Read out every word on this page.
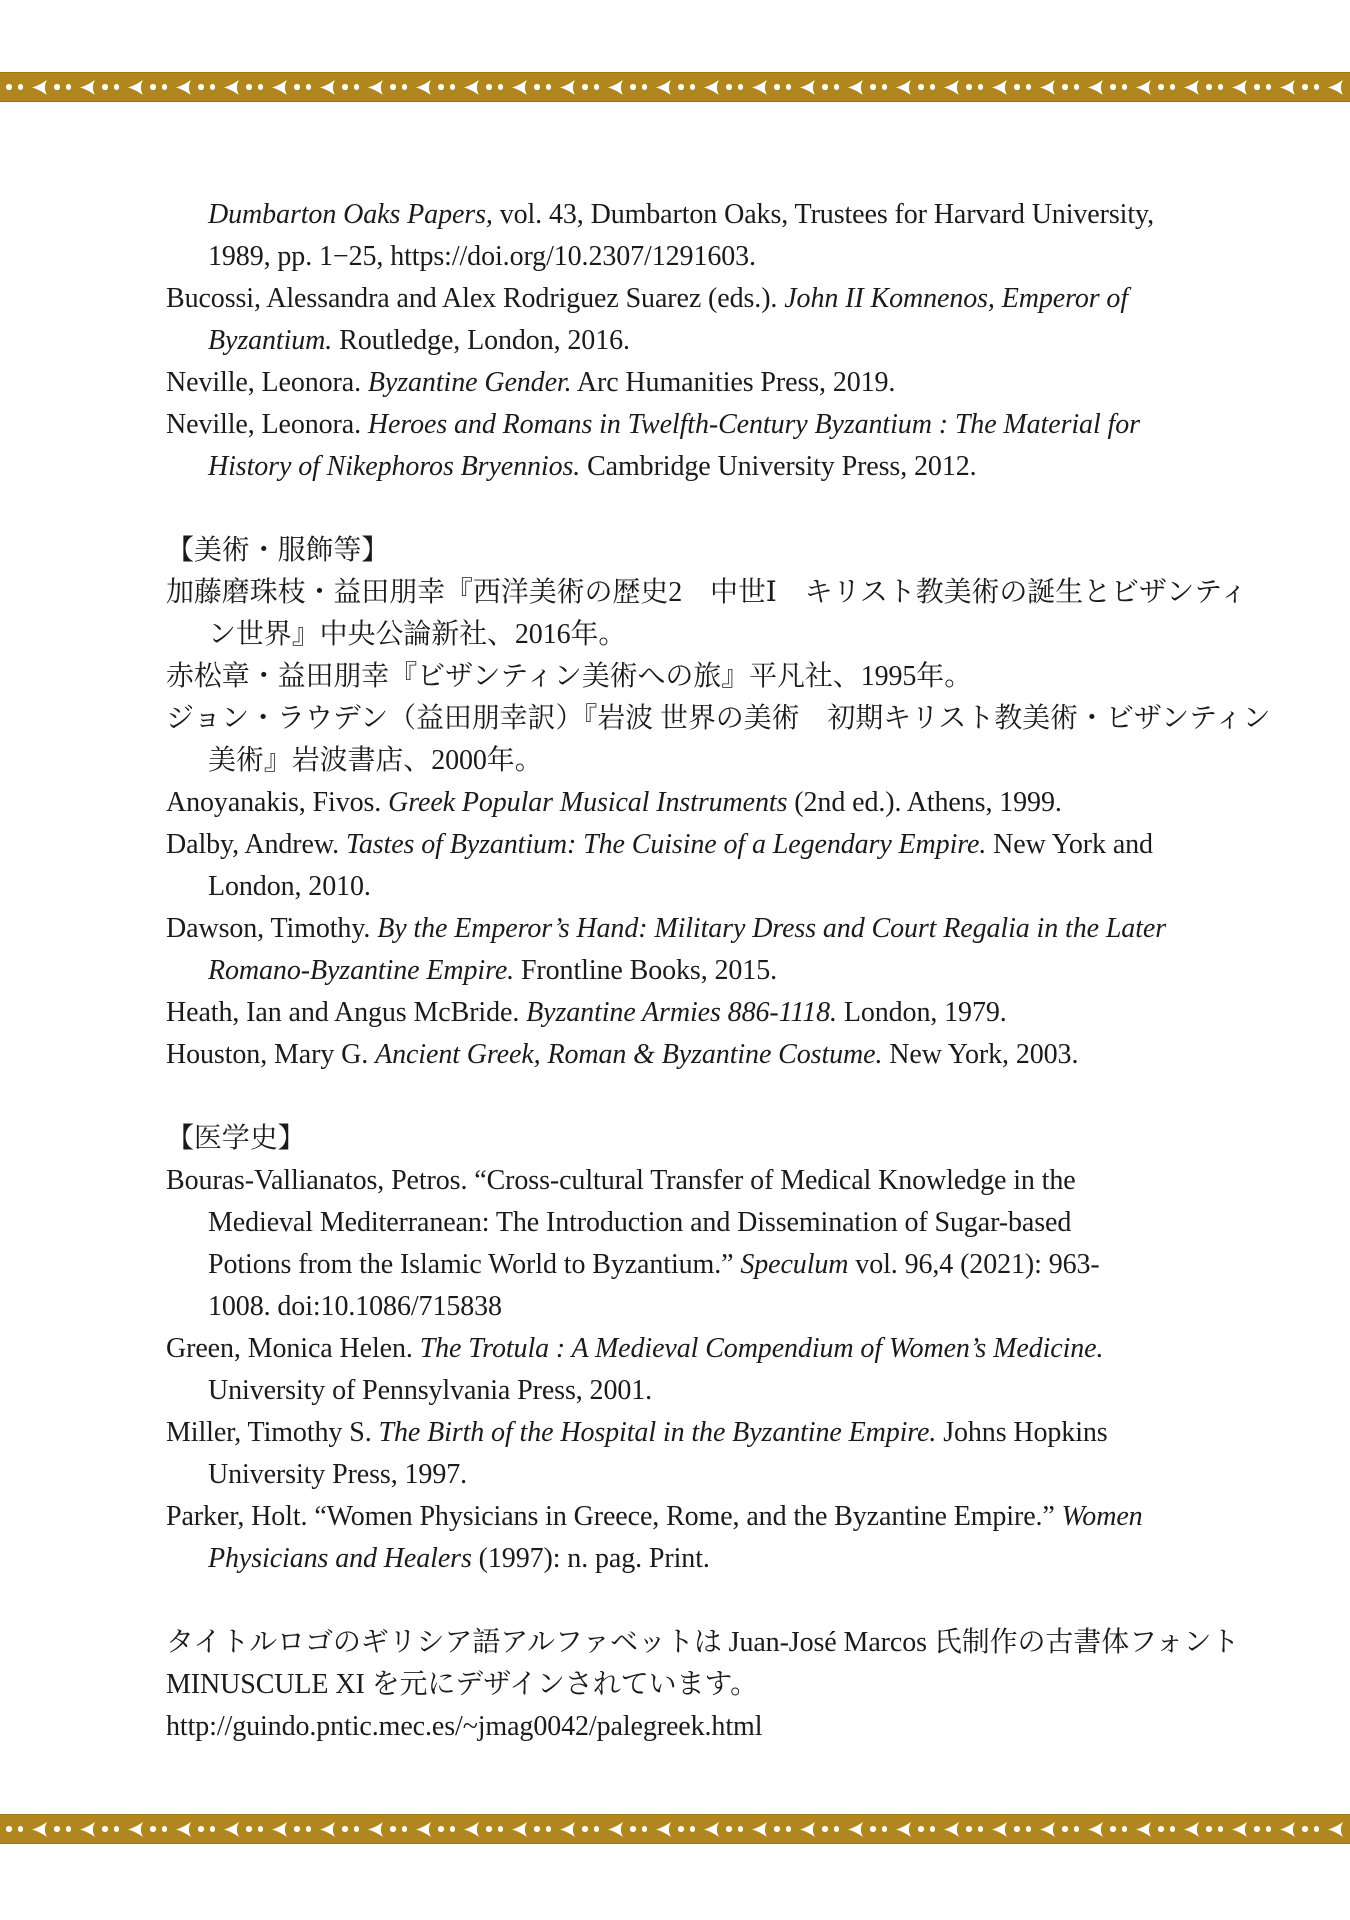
Dumbarton Oaks Papers, vol. 43, Dumbarton Oaks, Trustees for Harvard University,
1989, pp. 1−25, https://doi.org/10.2307/1291603.
Bucossi, Alessandra and Alex Rodriguez Suarez (eds.). John II Komnenos, Emperor of
Byzantium. Routledge, London, 2016.
Neville, Leonora. Byzantine Gender. Arc Humanities Press, 2019.
Neville, Leonora. Heroes and Romans in Twelfth-Century Byzantium : The Material for
History of Nikephoros Bryennios. Cambridge University Press, 2012.
【美術・服飾等】
加藤磨珠枝・益田朋幸『西洋美術の歴史2　中世Ⅰ　キリスト教美術の誕生とビザンティ
ン世界』中央公論新社、2016年。
赤松章・益田朋幸『ビザンティン美術への旅』平凡社、1995年。
ジョン・ラウデン（益田朋幸訳）『岩波 世界の美術　初期キリスト教美術・ビザンティン
美術』岩波書店、2000年。
Anoyanakis, Fivos. Greek Popular Musical Instruments (2nd ed.). Athens, 1999.
Dalby, Andrew. Tastes of Byzantium: The Cuisine of a Legendary Empire. New York and
London, 2010.
Dawson, Timothy. By the Emperor’s Hand: Military Dress and Court Regalia in the Later
Romano-Byzantine Empire. Frontline Books, 2015.
Heath, Ian and Angus McBride. Byzantine Armies 886-1118. London, 1979.
Houston, Mary G. Ancient Greek, Roman & Byzantine Costume. New York, 2003.
【医学史】
Bouras-Vallianatos, Petros. “Cross-cultural Transfer of Medical Knowledge in the
Medieval Mediterranean: The Introduction and Dissemination of Sugar-based
Potions from the Islamic World to Byzantium.” Speculum vol. 96,4 (2021): 963-
1008. doi:10.1086/715838
Green, Monica Helen. The Trotula : A Medieval Compendium of Women’s Medicine.
University of Pennsylvania Press, 2001.
Miller, Timothy S. The Birth of the Hospital in the Byzantine Empire. Johns Hopkins
University Press, 1997.
Parker, Holt. “Women Physicians in Greece, Rome, and the Byzantine Empire.” Women
Physicians and Healers (1997): n. pag. Print.
タイトルロゴのギリシア語アルファベットは Juan-José Marcos 氏制作の古書体フォント
MINUSCULE XI を元にデザインされています。
http://guindo.pntic.mec.es/~jmag0042/palegreek.html
